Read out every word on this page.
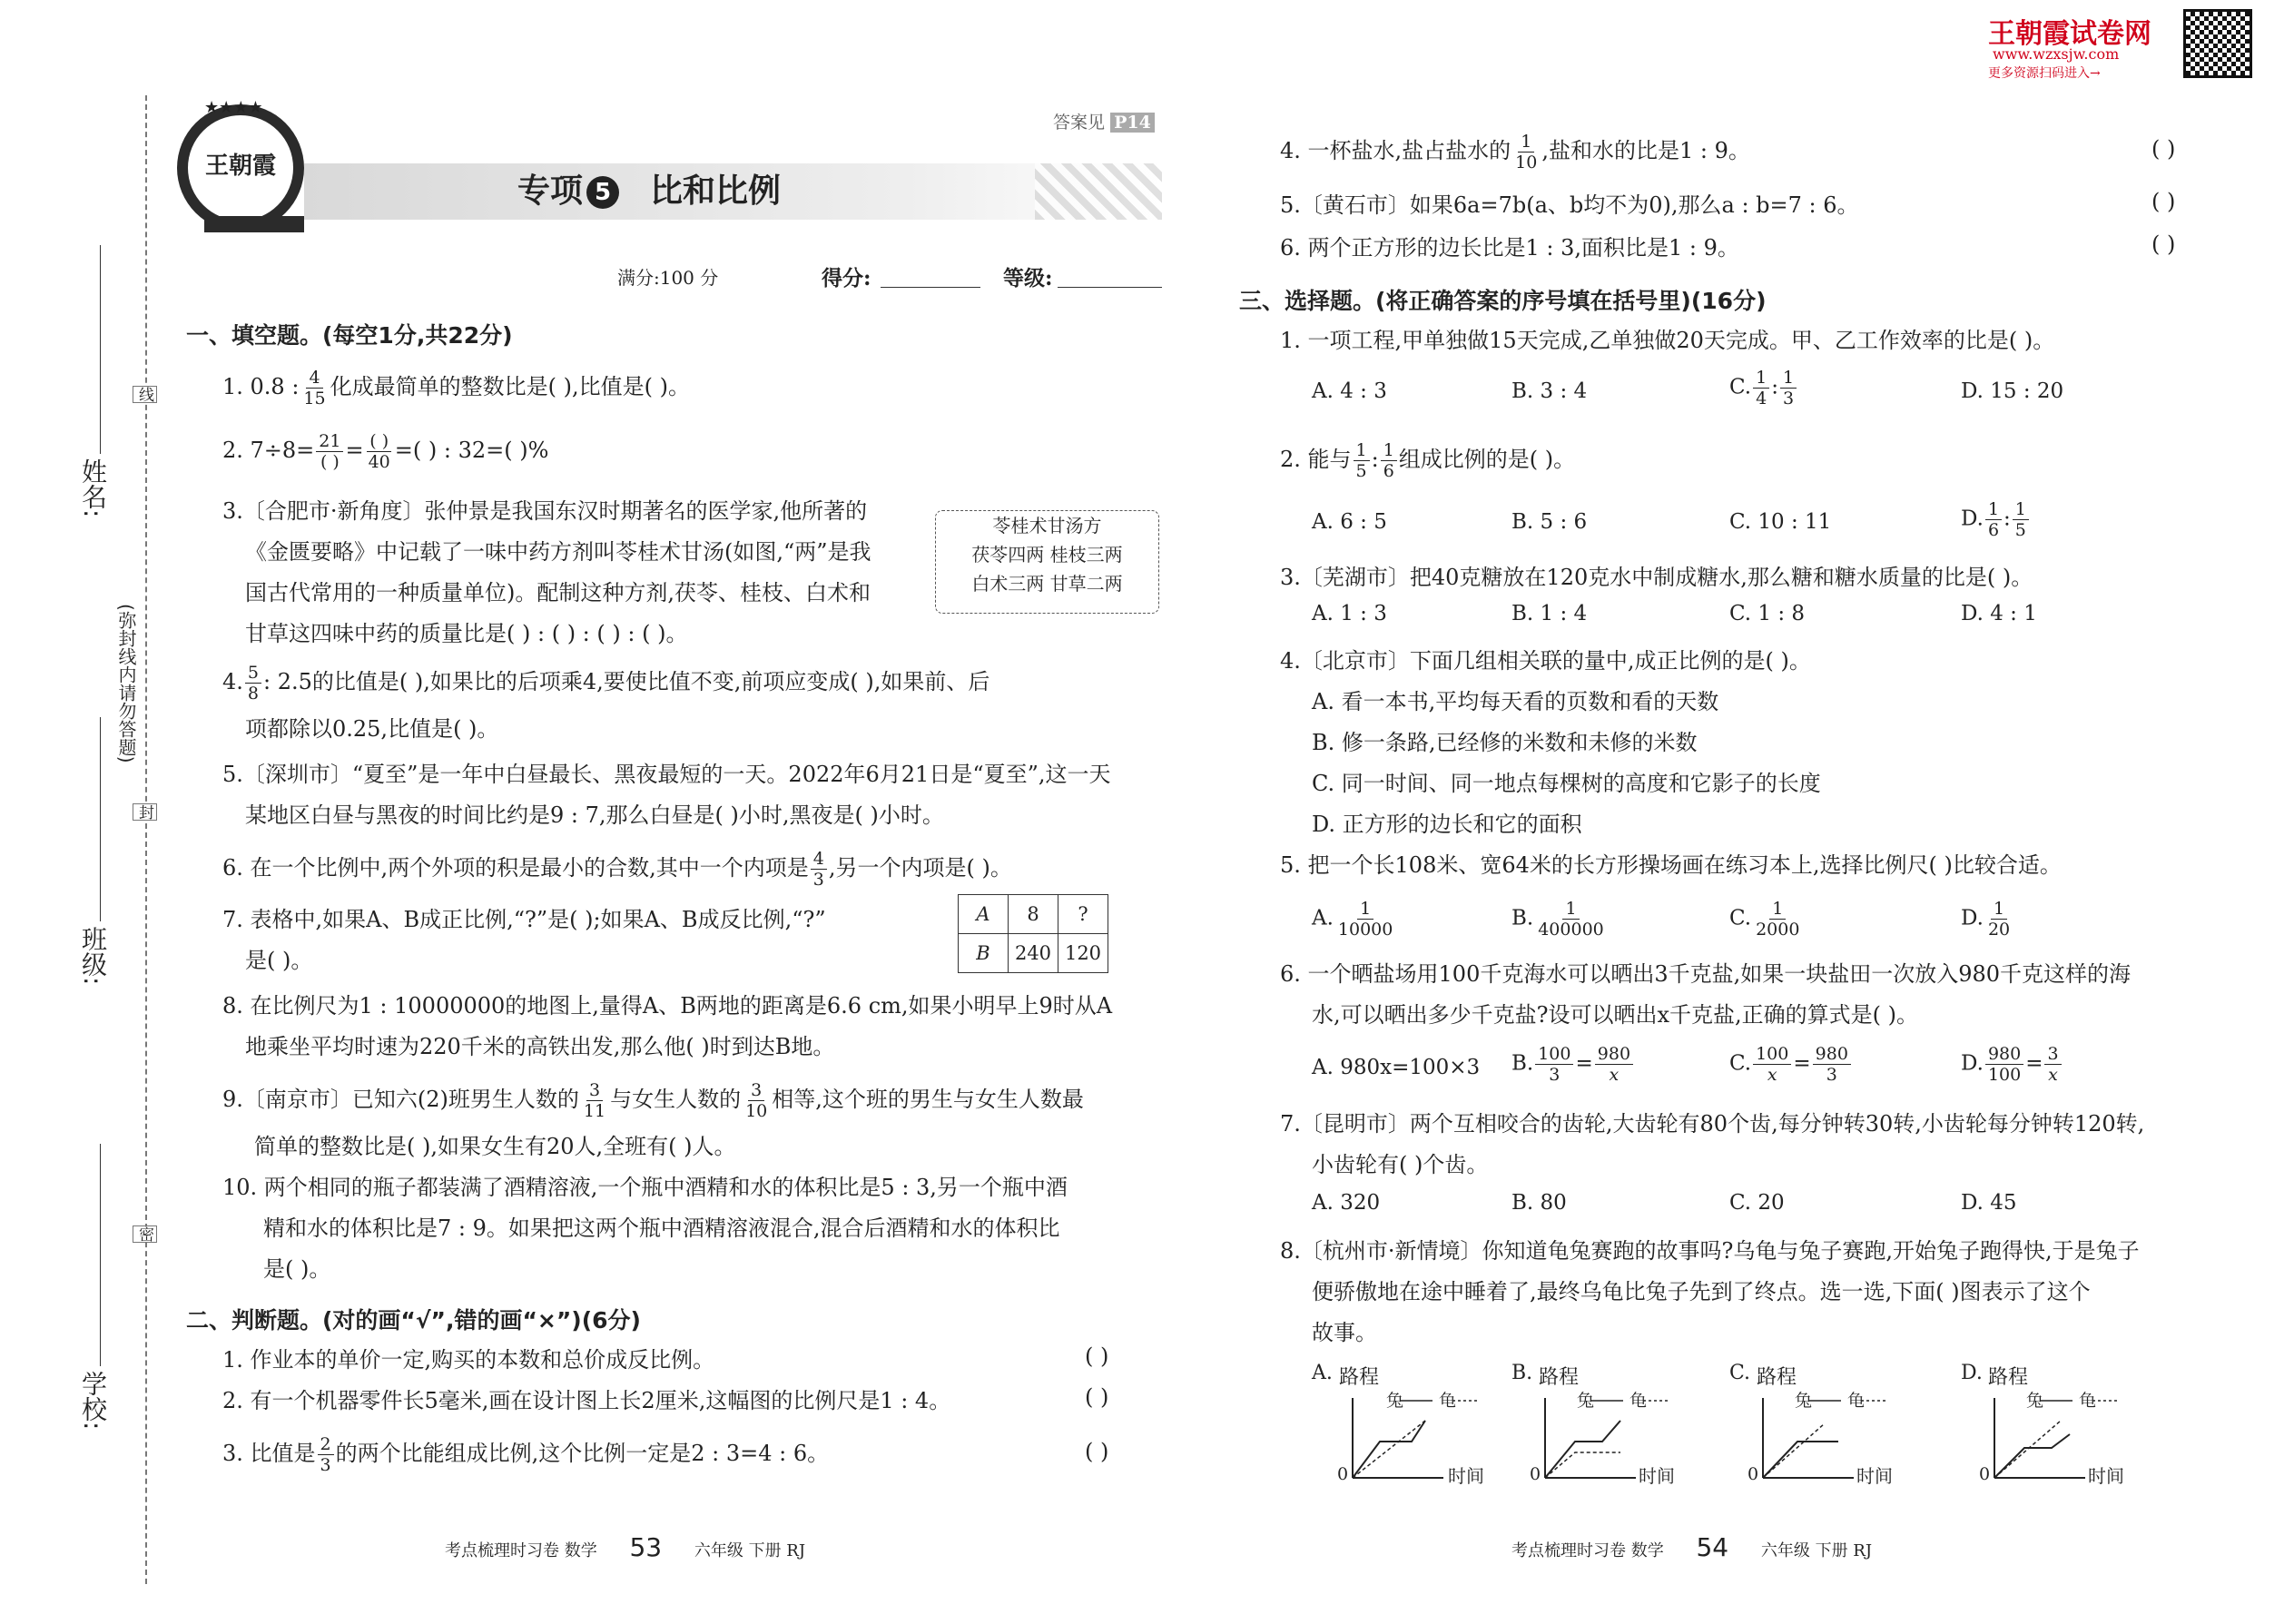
姓名:
班级:
学校:
(弥封线内请勿答题)
线
封
密
王朝霞
★★★★
答案见 P14
专项 5 比和比例
满分:100 分	得分:	等级:
一、填空题。(每空1分,共22分)
1. 0.8 : $\frac{4}{15}$ 化成最简单的整数比是( ),比值是( )。
2. $7\div 8= \frac{21}{( )} = \frac{( )}{40}$ =( ) : 32=( )%
3.〔合肥市·新角度〕张仲景是我国东汉时期著名的医学家,他所著的
《金匮要略》中记载了一味中药方剂叫苓桂术甘汤(如图,“两”是我
国古代常用的一种质量单位)。配制这种方剂,茯苓、桂枝、白术和
甘草这四味中药的质量比是( ) : ( ) : ( ) : ( )。
苓桂术甘汤方
茯苓四两 桂枝三两
白术三两 甘草二两
4. $\frac{5}{8}$ : 2.5的比值是( ),如果比的后项乘4,要使比值不变,前项应变成( ),如果前、后
项都除以0.25,比值是( )。
5.〔深圳市〕“夏至”是一年中白昼最长、黑夜最短的一天。2022年6月21日是“夏至”,这一天
某地区白昼与黑夜的时间比约是9 : 7,那么白昼是( )小时,黑夜是( )小时。
6. 在一个比例中,两个外项的积是最小的合数,其中一个内项是 $\frac{4}{3}$ ,另一个内项是( )。
7. 表格中,如果A、B成正比例,“?”是( );如果A、B成反比例,“?”
是( )。
A	8	?
B	240	120
8. 在比例尺为1 : 10000000的地图上,量得A、B两地的距离是6.6 cm,如果小明早上9时从A
地乘坐平均时速为220千米的高铁出发,那么他( )时到达B地。
9.〔南京市〕已知六(2)班男生人数的 $\frac{3}{11}$ 与女生人数的 $\frac{3}{10}$ 相等,这个班的男生与女生人数最
简单的整数比是( ),如果女生有20人,全班有( )人。
10. 两个相同的瓶子都装满了酒精溶液,一个瓶中酒精和水的体积比是5 : 3,另一个瓶中酒
精和水的体积比是7 : 9。如果把这两个瓶中酒精溶液混合,混合后酒精和水的体积比
是( )。
二、判断题。(对的画“√”,错的画“×”)(6分)
1. 作业本的单价一定,购买的本数和总价成反比例。	( )
2. 有一个机器零件长5毫米,画在设计图上长2厘米,这幅图的比例尺是1 : 4。	( )
3. 比值是 $\frac{2}{3}$ 的两个比能组成比例,这个比例一定是2 : 3=4 : 6。	( )
考点梳理时习卷 数学 53 六年级 下册 RJ
王朝霞试卷网
www.wzxsjw.com
更多资源扫码进入→
4. 一杯盐水,盐占盐水的 $\frac{1}{10}$ ,盐和水的比是1 : 9。	( )
5.〔黄石市〕如果6a=7b(a、b均不为0),那么a : b=7 : 6。	( )
6. 两个正方形的边长比是1 : 3,面积比是1 : 9。	( )
三、选择题。(将正确答案的序号填在括号里)(16分)
1. 一项工程,甲单独做15天完成,乙单独做20天完成。甲、乙工作效率的比是( )。
A. 4 : 3	B. 3 : 4	C. $\frac{1}{4}$ : $\frac{1}{3}$	D. 15 : 20
2. 能与 $\frac{1}{5}$ : $\frac{1}{6}$ 组成比例的是( )。
A. 6 : 5	B. 5 : 6	C. 10 : 11	D. $\frac{1}{6}$ : $\frac{1}{5}$
3.〔芜湖市〕把40克糖放在120克水中制成糖水,那么糖和糖水质量的比是( )。
A. 1 : 3	B. 1 : 4	C. 1 : 8	D. 4 : 1
4.〔北京市〕下面几组相关联的量中,成正比例的是( )。
A. 看一本书,平均每天看的页数和看的天数
B. 修一条路,已经修的米数和未修的米数
C. 同一时间、同一地点每棵树的高度和它影子的长度
D. 正方形的边长和它的面积
5. 把一个长108米、宽64米的长方形操场画在练习本上,选择比例尺( )比较合适。
A. $\frac{1}{10000}$	B. $\frac{1}{400000}$	C. $\frac{1}{2000}$	D. $\frac{1}{20}$
6. 一个晒盐场用100千克海水可以晒出3千克盐,如果一块盐田一次放入980千克这样的海
水,可以晒出多少千克盐?设可以晒出x千克盐,正确的算式是( )。
A. 980x=100×3 B. $\frac{100}{3} = \frac{980}{x}$	C. $\frac{100}{x} = \frac{980}{3}$	D. $\frac{980}{100} = \frac{3}{x}$
7.〔昆明市〕两个互相咬合的齿轮,大齿轮有80个齿,每分钟转30转,小齿轮每分钟转120转,
小齿轮有( )个齿。
A. 320	B. 80	C. 20	D. 45
8.〔杭州市·新情境〕你知道龟兔赛跑的故事吗?乌龟与兔子赛跑,开始兔子跑得快,于是兔子
便骄傲地在途中睡着了,最终乌龟比兔子先到了终点。选一选,下面( )图表示了这个
故事。
A. 路程
兔 龟
0	时间
B. 路程
兔 龟
0	时间
C. 路程
兔 龟
0	时间
D. 路程
兔 龟
0	时间
考点梳理时习卷 数学 54 六年级 下册 RJ
